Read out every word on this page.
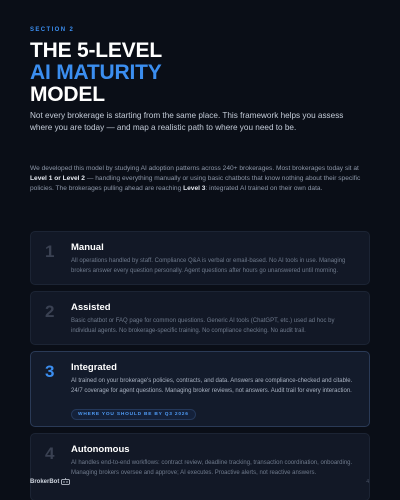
SECTION 2
THE 5-LEVEL
AI MATURITY
MODEL

Not every brokerage is starting from the same place. This framework helps you assess where you are today — and map a realistic path to where you need to be.

We developed this model by studying AI adoption patterns across 240+ brokerages. Most brokerages today sit at Level 1 or Level 2 — handling everything manually or using basic chatbots that know nothing about their specific policies. The brokerages pulling ahead are reaching Level 3: integrated AI trained on their own data.

1 Manual
All operations handled by staff. Compliance Q&A is verbal or email-based. No AI tools in use. Managing brokers answer every question personally. Agent questions after hours go unanswered until morning.
2 Assisted
Basic chatbot or FAQ page for common questions. Generic AI tools (ChatGPT, etc.) used ad hoc by individual agents. No brokerage-specific training. No compliance checking. No audit trail.
3 Integrated
AI trained on your brokerage's policies, contracts, and data. Answers are compliance-checked and citable. 24/7 coverage for agent questions. Managing broker reviews, not answers. Audit trail for every interaction.
WHERE YOU SHOULD BE BY Q3 2026
4 Autonomous
AI handles end-to-end workflows: contract review, deadline tracking, transaction coordination, onboarding. Managing brokers oversee and approve; AI executes. Proactive alerts, not reactive answers.
BrokerBot	4
